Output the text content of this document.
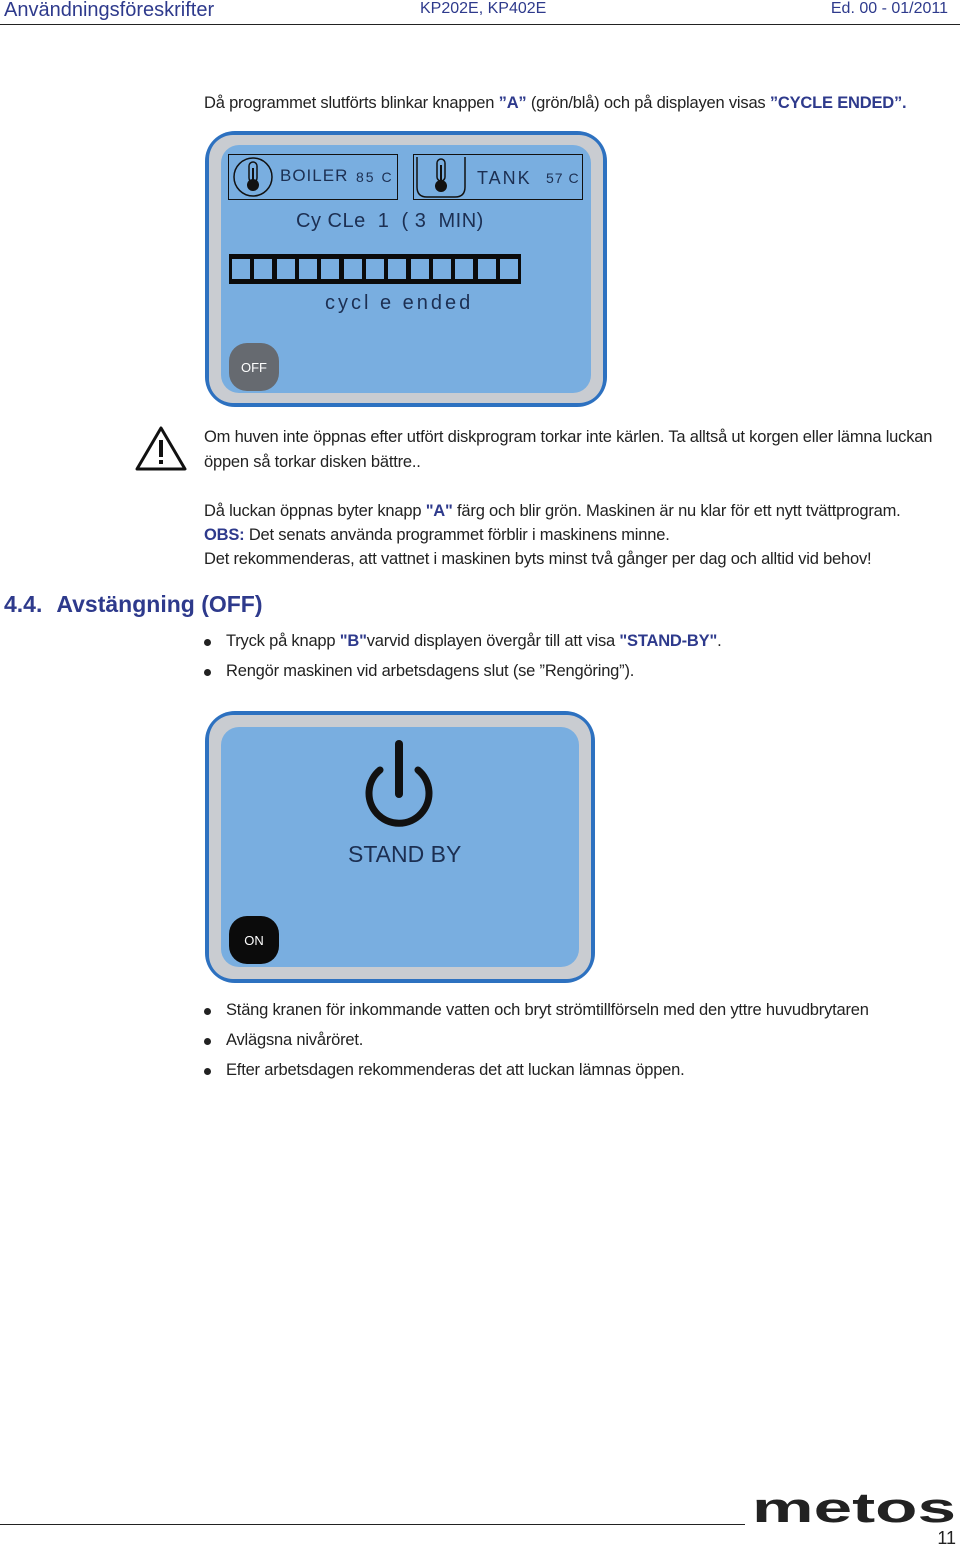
Användningsföreskrifter	KP202E, KP402E	Ed. 00 - 01/2011
Då programmet slutförts blinkar knappen ”A” (grön/blå) och på displayen visas ”CYCLE ENDED”.
BOILER 85 C	TANK 57 C
Cy CLe  1  ( 3  MIN)
cycl e ended
OFF
Om huven inte öppnas efter utfört diskprogram torkar inte kärlen. Ta alltså ut korgen eller lämna luckan
öppen så torkar disken bättre..
Då luckan öppnas byter knapp "A" färg och blir grön. Maskinen är nu klar för ett nytt tvättprogram.
OBS: Det senats använda programmet förblir i maskinens minne.
Det rekommenderas, att vattnet i maskinen byts minst två gånger per dag och alltid vid behov!
4.4. Avstängning (OFF)
Tryck på knapp "B"varvid displayen övergår till att visa "STAND-BY".
Rengör maskinen vid arbetsdagens slut (se ”Rengöring”).
STAND BY
ON
Stäng kranen för inkommande vatten och bryt strömtillförseln med den yttre huvudbrytaren
Avlägsna nivåröret.
Efter arbetsdagen rekommenderas det att luckan lämnas öppen.
metos
11
